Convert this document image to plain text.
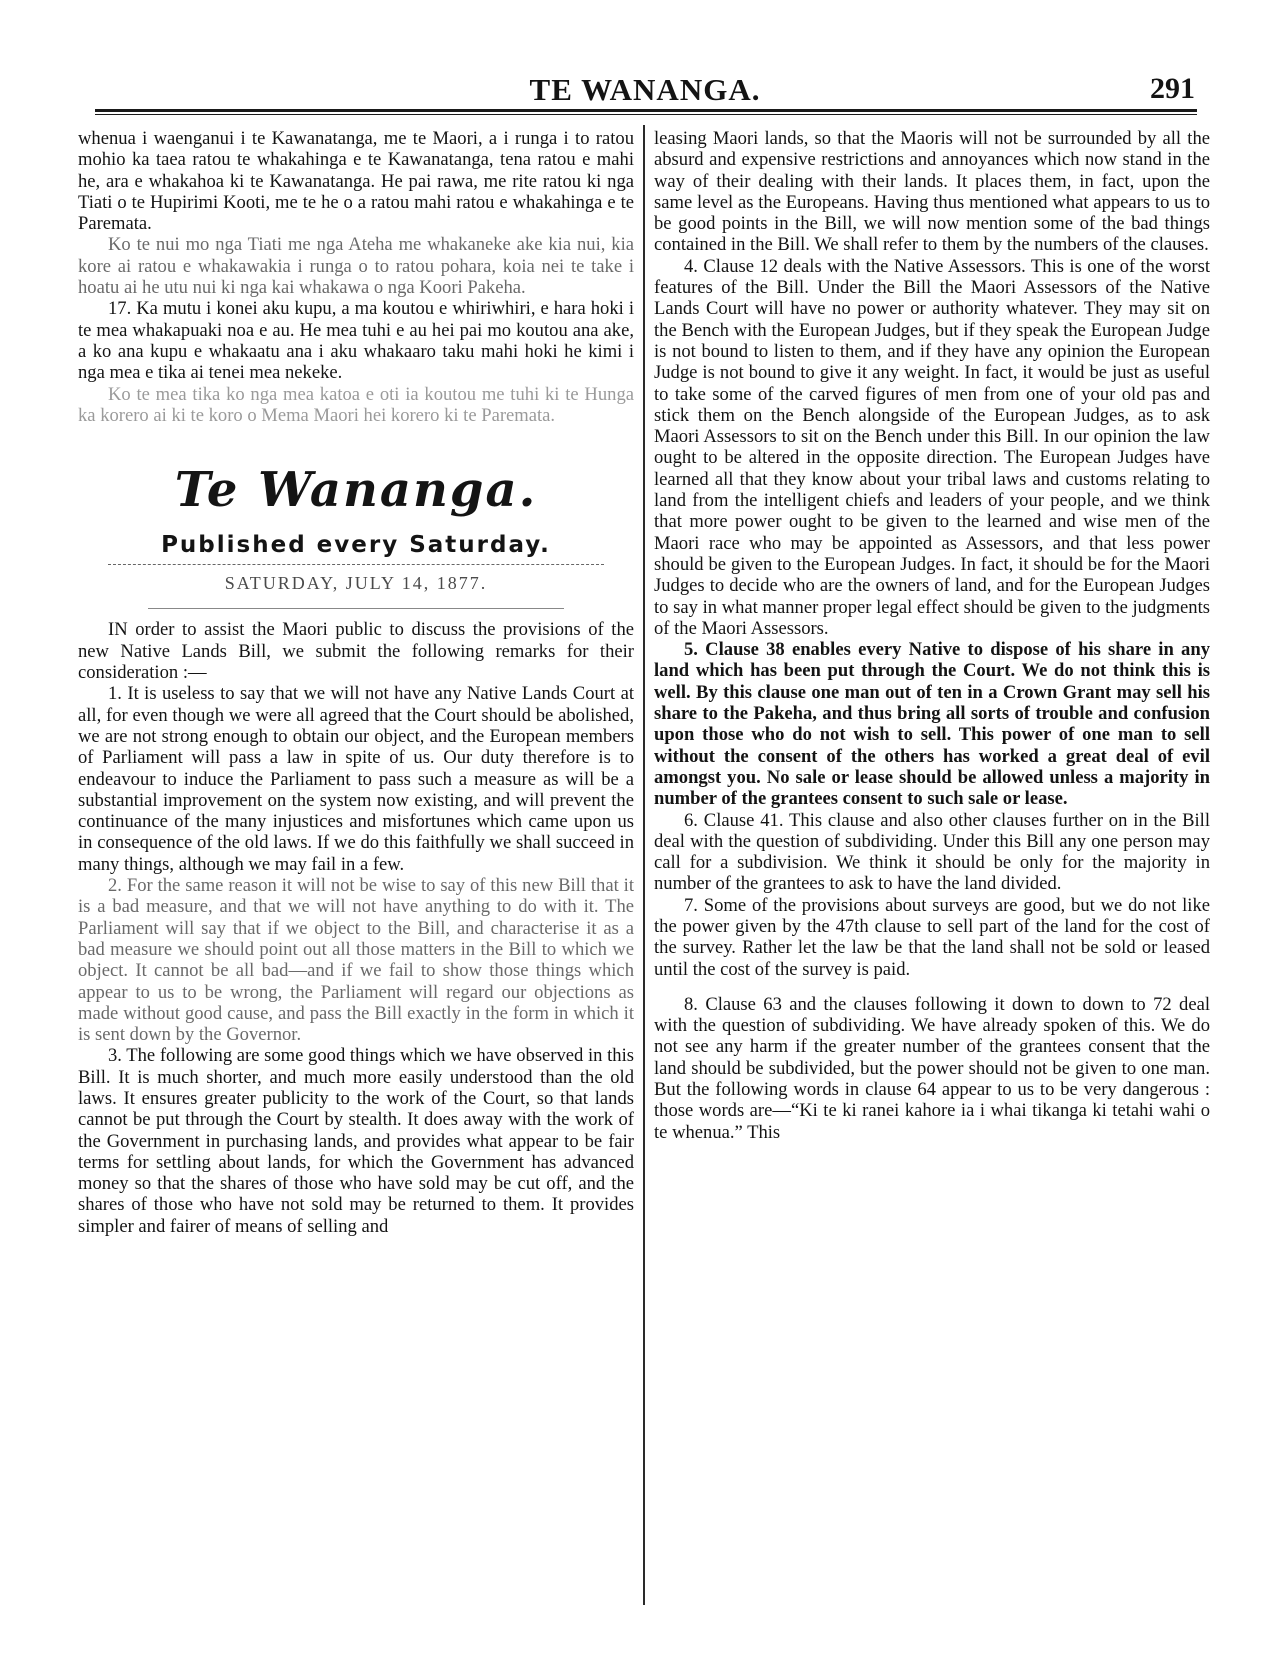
TE WANANGA.	291

whenua i waenganui i te Kawanatanga, me te Maori, a i runga i to ratou mohio ka taea ratou te whakahinga e te Kawanatanga, tena ratou e mahi he, ara e whakahoa ki te Kawanatanga. He pai rawa, me rite ratou ki nga Tiati o te Hupirimi Kooti, me te he o a ratou mahi ratou e whakahinga e te Paremata.

Ko te nui mo nga Tiati me nga Ateha me whakaneke ake kia nui, kia kore ai ratou e whakawakia i runga o to ratou pohara, koia nei te take i hoatu ai he utu nui ki nga kai whakawa o nga Koori Pakeha.

17. Ka mutu i konei aku kupu, a ma koutou e whiriwhiri, e hara hoki i te mea whakapuaki noa e au. He mea tuhi e au hei pai mo koutou ana ake, a ko ana kupu e whakaatu ana i aku whakaaro taku mahi hoki he kimi i nga mea e tika ai tenei mea nekeke.

Ko te mea tika ko nga mea katoa e oti ia koutou me tuhi ki te Hunga ka korero ai ki te koro o Mema Maori hei korero ki te Paremata.

Te Wananga.
Published every Saturday.
SATURDAY, JULY 14, 1877.

IN order to assist the Maori public to discuss the provisions of the new Native Lands Bill, we submit the following remarks for their consideration :—

1. It is useless to say that we will not have any Native Lands Court at all, for even though we were all agreed that the Court should be abolished, we are not strong enough to obtain our object, and the European members of Parliament will pass a law in spite of us. Our duty therefore is to endeavour to induce the Parliament to pass such a measure as will be a substantial improvement on the system now existing, and will prevent the continuance of the many injustices and misfortunes which came upon us in consequence of the old laws. If we do this faithfully we shall succeed in many things, although we may fail in a few.

2. For the same reason it will not be wise to say of this new Bill that it is a bad measure, and that we will not have anything to do with it. The Parliament will say that if we object to the Bill, and characterise it as a bad measure we should point out all those matters in the Bill to which we object. It cannot be all bad—and if we fail to show those things which appear to us to be wrong, the Parliament will regard our objections as made without good cause, and pass the Bill exactly in the form in which it is sent down by the Governor.

3. The following are some good things which we have observed in this Bill. It is much shorter, and much more easily understood than the old laws. It ensures greater publicity to the work of the Court, so that lands cannot be put through the Court by stealth. It does away with the work of the Government in purchasing lands, and provides what appear to be fair terms for settling about lands, for which the Government has advanced money so that the shares of those who have sold may be cut off, and the shares of those who have not sold may be returned to them. It provides simpler and fairer of means of selling and

leasing Maori lands, so that the Maoris will not be surrounded by all the absurd and expensive restrictions and annoyances which now stand in the way of their dealing with their lands. It places them, in fact, upon the same level as the Europeans. Having thus mentioned what appears to us to be good points in the Bill, we will now mention some of the bad things contained in the Bill. We shall refer to them by the numbers of the clauses.

4. Clause 12 deals with the Native Assessors. This is one of the worst features of the Bill. Under the Bill the Maori Assessors of the Native Lands Court will have no power or authority whatever. They may sit on the Bench with the European Judges, but if they speak the European Judge is not bound to listen to them, and if they have any opinion the European Judge is not bound to give it any weight. In fact, it would be just as useful to take some of the carved figures of men from one of your old pas and stick them on the Bench alongside of the European Judges, as to ask Maori Assessors to sit on the Bench under this Bill. In our opinion the law ought to be altered in the opposite direction. The European Judges have learned all that they know about your tribal laws and customs relating to land from the intelligent chiefs and leaders of your people, and we think that more power ought to be given to the learned and wise men of the Maori race who may be appointed as Assessors, and that less power should be given to the European Judges. In fact, it should be for the Maori Judges to decide who are the owners of land, and for the European Judges to say in what manner proper legal effect should be given to the judgments of the Maori Assessors.

5. Clause 38 enables every Native to dispose of his share in any land which has been put through the Court. We do not think this is well. By this clause one man out of ten in a Crown Grant may sell his share to the Pakeha, and thus bring all sorts of trouble and confusion upon those who do not wish to sell. This power of one man to sell without the consent of the others has worked a great deal of evil amongst you. No sale or lease should be allowed unless a majority in number of the grantees consent to such sale or lease.

6. Clause 41. This clause and also other clauses further on in the Bill deal with the question of subdividing. Under this Bill any one person may call for a subdivision. We think it should be only for the majority in number of the grantees to ask to have the land divided.

7. Some of the provisions about surveys are good, but we do not like the power given by the 47th clause to sell part of the land for the cost of the survey. Rather let the law be that the land shall not be sold or leased until the cost of the survey is paid.

8. Clause 63 and the clauses following it down to down to 72 deal with the question of subdividing. We have already spoken of this. We do not see any harm if the greater number of the grantees consent that the land should be subdivided, but the power should not be given to one man. But the following words in clause 64 appear to us to be very dangerous : those words are—“Ki te ki ranei kahore ia i whai tikanga ki tetahi wahi o te whenua.” This
